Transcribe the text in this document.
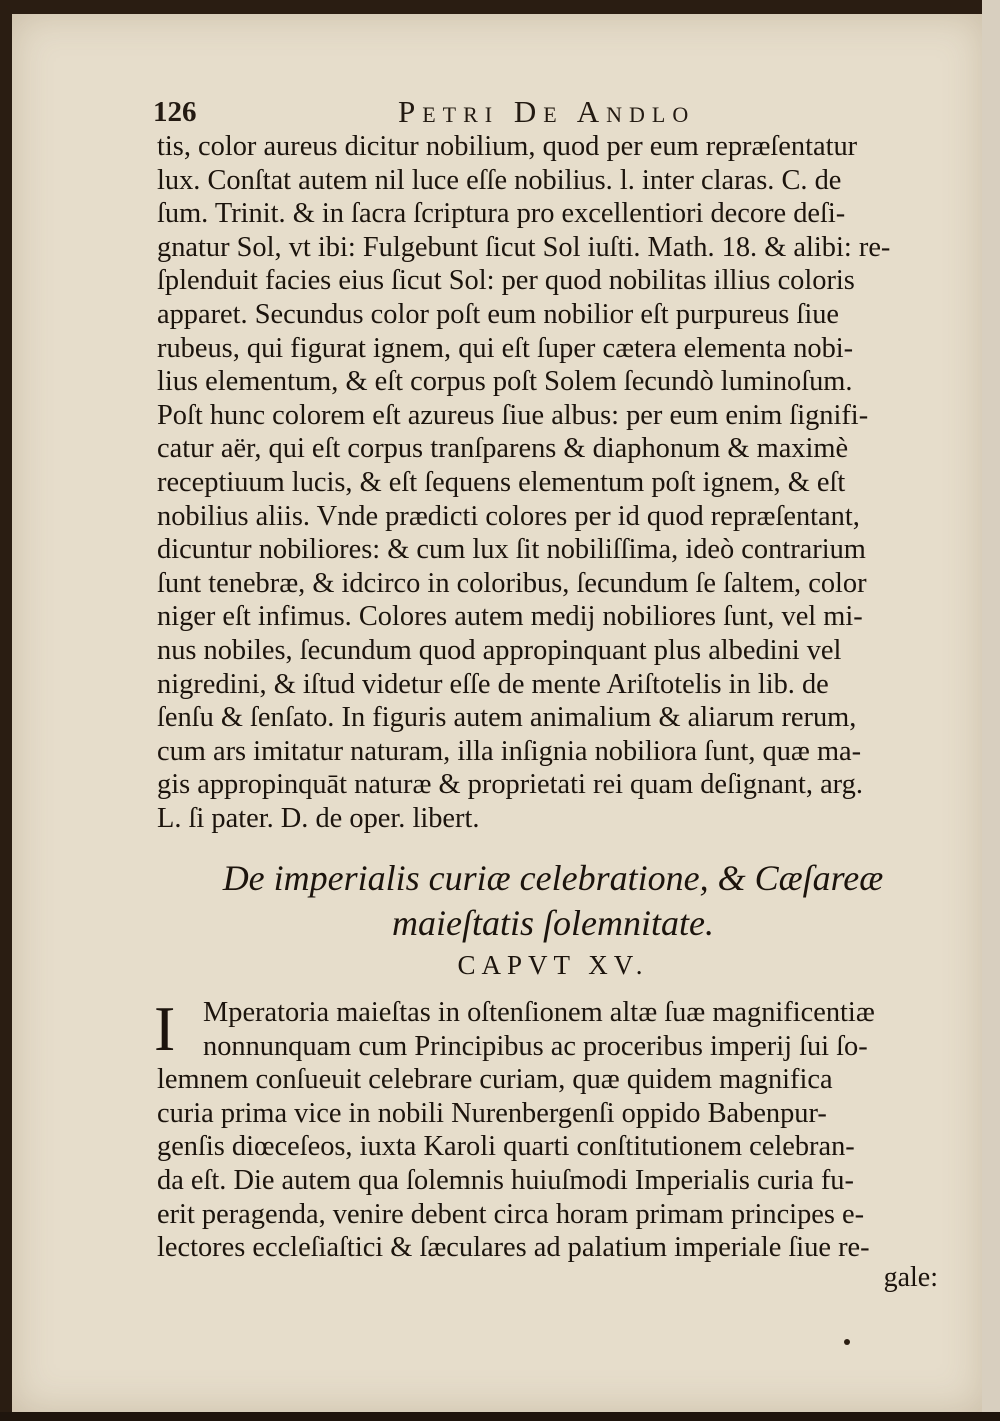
126	Petri De Andlo
tis, color aureus dicitur nobilium, quod per eum repræſentatur
lux. Conſtat autem nil luce eſſe nobilius. l. inter claras. C. de
ſum. Trinit. & in ſacra ſcriptura pro excellentiori decore deſi-
gnatur Sol, vt ibi: Fulgebunt ſicut Sol iuſti. Math. 18. & alibi: re-
ſplenduit facies eius ſicut Sol: per quod nobilitas illius coloris
apparet. Secundus color poſt eum nobilior eſt purpureus ſiue
rubeus, qui figurat ignem, qui eſt ſuper cætera elementa nobi-
lius elementum, & eſt corpus poſt Solem ſecundò luminoſum.
Poſt hunc colorem eſt azureus ſiue albus: per eum enim ſignifi-
catur aër, qui eſt corpus tranſparens & diaphonum & maximè
receptiuum lucis, & eſt ſequens elementum poſt ignem, & eſt
nobilius aliis. Vnde prædicti colores per id quod repræſentant,
dicuntur nobiliores: & cum lux ſit nobiliſſima, ideò contrarium
ſunt tenebræ, & idcirco in coloribus, ſecundum ſe ſaltem, color
niger eſt infimus. Colores autem medij nobiliores ſunt, vel mi-
nus nobiles, ſecundum quod appropinquant plus albedini vel
nigredini, & iſtud videtur eſſe de mente Ariſtotelis in lib. de
ſenſu & ſenſato. In figuris autem animalium & aliarum rerum,
cum ars imitatur naturam, illa inſignia nobiliora ſunt, quæ ma-
gis appropinquāt naturæ & proprietati rei quam deſignant, arg.
L. ſi pater. D. de oper. libert.
De imperialis curiæ celebratione, & Cæſareæ
maieſtatis ſolemnitate.
CAPVT XV.
I Mperatoria maieſtas in oſtenſionem altæ ſuæ magnificentiæ
nonnunquam cum Principibus ac proceribus imperij ſui ſo-
lemnem conſueuit celebrare curiam, quæ quidem magnifica
curia prima vice in nobili Nurenbergenſi oppido Babenpur-
genſis diœceſeos, iuxta Karoli quarti conſtitutionem celebran-
da eſt. Die autem qua ſolemnis huiuſmodi Imperialis curia fu-
erit peragenda, venire debent circa horam primam principes e-
lectores eccleſiaſtici & ſæculares ad palatium imperiale ſiue re-
gale:
